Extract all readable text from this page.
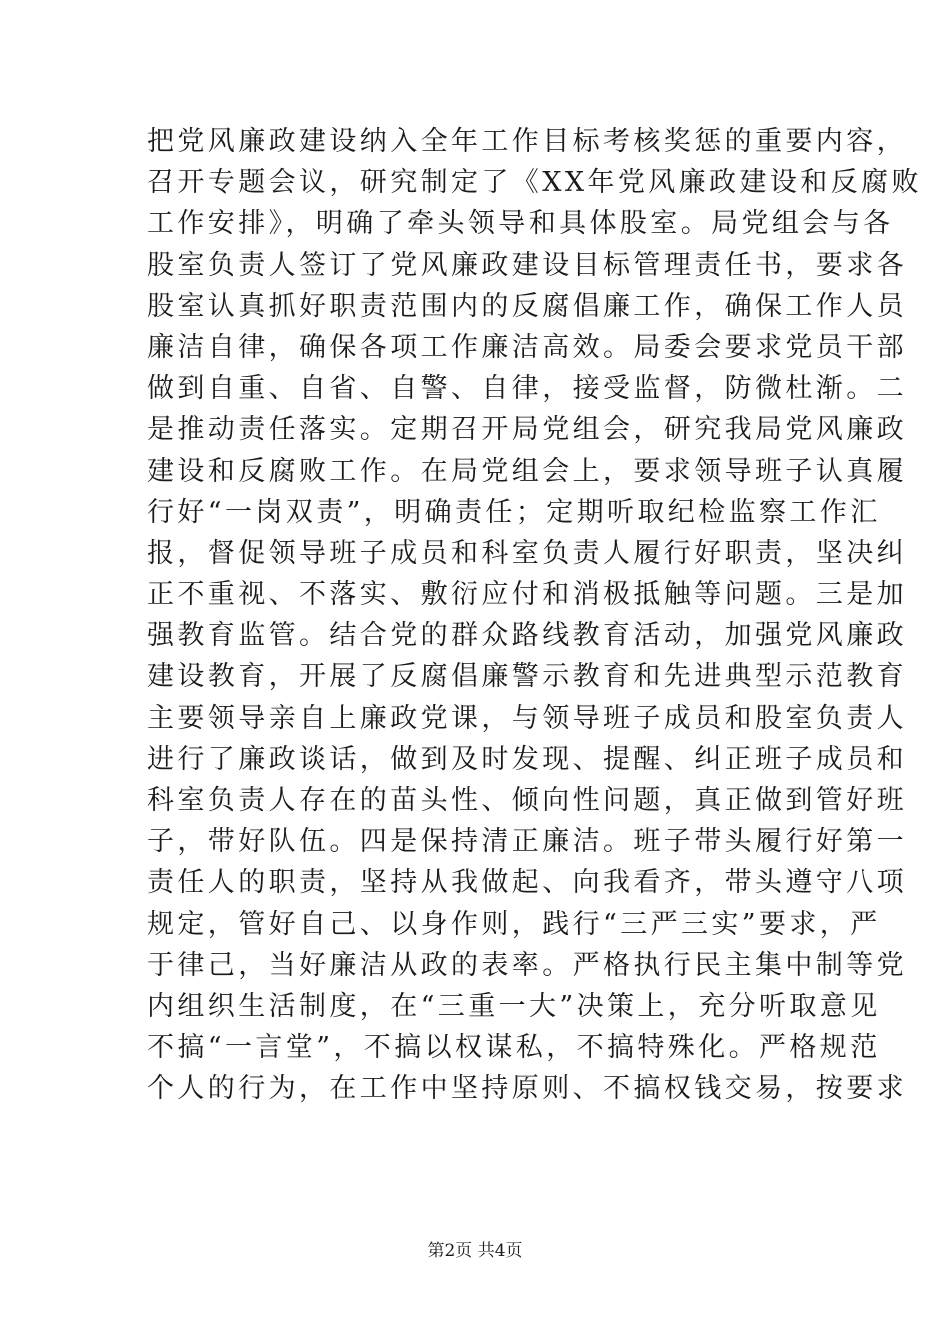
把党风廉政建设纳入全年工作目标考核奖惩的重要内容，
召开专题会议，研究制定了《XX年党风廉政建设和反腐败
工作安排》，明确了牵头领导和具体股室。局党组会与各
股室负责人签订了党风廉政建设目标管理责任书，要求各
股室认真抓好职责范围内的反腐倡廉工作，确保工作人员
廉洁自律，确保各项工作廉洁高效。局委会要求党员干部
做到自重、自省、自警、自律，接受监督，防微杜渐。二
是推动责任落实。定期召开局党组会，研究我局党风廉政
建设和反腐败工作。在局党组会上，要求领导班子认真履
行好“一岗双责”，明确责任；定期听取纪检监察工作汇
报，督促领导班子成员和科室负责人履行好职责，坚决纠
正不重视、不落实、敷衍应付和消极抵触等问题。三是加
强教育监管。结合党的群众路线教育活动，加强党风廉政
建设教育，开展了反腐倡廉警示教育和先进典型示范教育
主要领导亲自上廉政党课，与领导班子成员和股室负责人
进行了廉政谈话，做到及时发现、提醒、纠正班子成员和
科室负责人存在的苗头性、倾向性问题，真正做到管好班
子，带好队伍。四是保持清正廉洁。班子带头履行好第一
责任人的职责，坚持从我做起、向我看齐，带头遵守八项
规定，管好自己、以身作则，践行“三严三实”要求，严
于律己，当好廉洁从政的表率。严格执行民主集中制等党
内组织生活制度，在“三重一大”决策上，充分听取意见
不搞“一言堂”，不搞以权谋私，不搞特殊化。严格规范
个人的行为，在工作中坚持原则、不搞权钱交易，按要求
第2页 共4页
